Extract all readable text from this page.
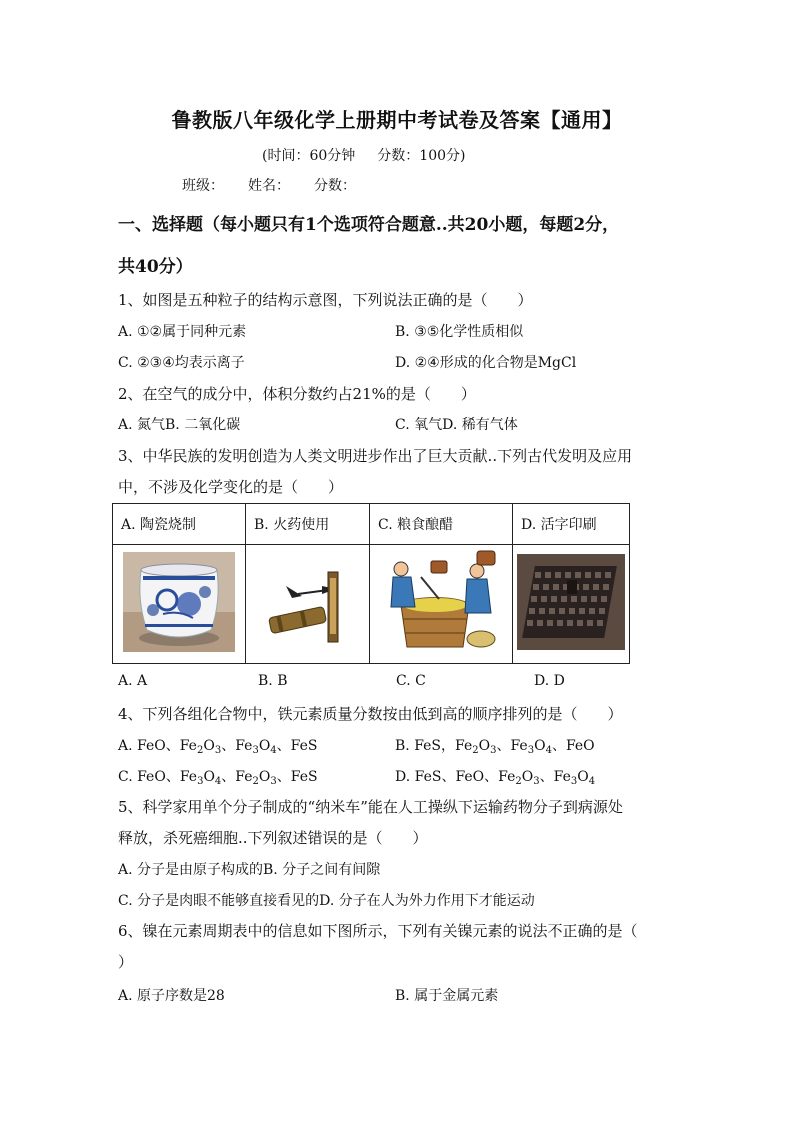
鲁教版八年级化学上册期中考试卷及答案【通用】
(时间：60分钟 分数：100分)
班级： 姓名： 分数：
一、选择题（每小题只有1个选项符合题意..共20小题，每题2分，
共40分）
1、如图是五种粒子的结构示意图，下列说法正确的是（　　）
A. ①②属于同种元素	B. ③⑤化学性质相似
C. ②③④均表示离子	D. ②④形成的化合物是MgCl
2、在空气的成分中，体积分数约占21%的是（　　）
A. 氮气B. 二氧化碳	C. 氧气D. 稀有气体
3、中华民族的发明创造为人类文明进步作出了巨大贡献..下列古代发明及应用
中，不涉及化学变化的是（　　）
A. 陶瓷烧制	B. 火药使用	C. 粮食酿醋	D. 活字印刷

A. A	B. B	C. C	D. D
4、下列各组化合物中，铁元素质量分数按由低到高的顺序排列的是（　　）
A. FeO、$Fe_2O_3$、$Fe_3O_4$、FeS	B. FeS，$Fe_2O_3$、$Fe_3O_4$、FeO
C. FeO、$Fe_3O_4$、$Fe_2O_3$、FeS	D. FeS、FeO、$Fe_2O_3$、$Fe_3O_4$
5、科学家用单个分子制成的“纳米车”能在人工操纵下运输药物分子到病源处
释放，杀死癌细胞..下列叙述错误的是（　　）
A. 分子是由原子构成的B. 分子之间有间隙
C. 分子是肉眼不能够直接看见的D. 分子在人为外力作用下才能运动
6、镍在元素周期表中的信息如下图所示，下列有关镍元素的说法不正确的是（
）
A. 原子序数是28	B. 属于金属元素
